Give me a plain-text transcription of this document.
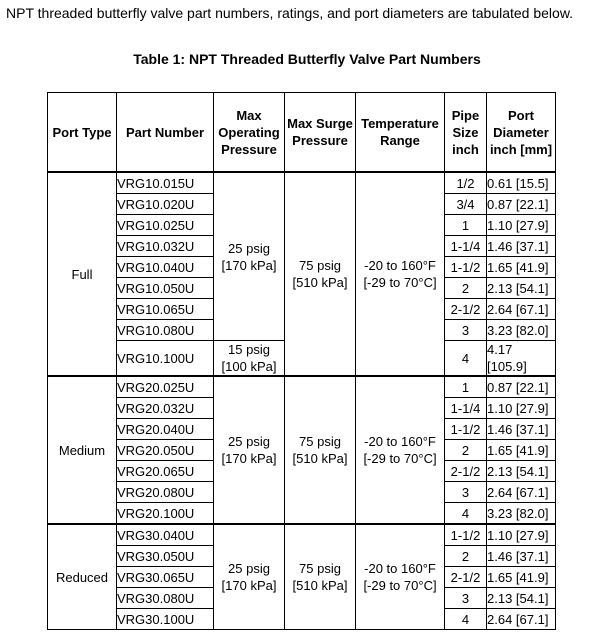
NPT threaded butterfly valve part numbers, ratings, and port diameters are tabulated below.
Table 1: NPT Threaded Butterfly Valve Part Numbers
Port Type	Part Number	Max Operating Pressure	Max Surge Pressure	Temperature Range	Pipe Size inch	Port Diameter inch [mm]
Full	VRG10.015U	25 psig [170 kPa]	75 psig [510 kPa]	-20 to 160°F [-29 to 70°C]	1/2	0.61 [15.5]
	VRG10.020U				3/4	0.87 [22.1]
	VRG10.025U				1	1.10 [27.9]
	VRG10.032U				1-1/4	1.46 [37.1]
	VRG10.040U				1-1/2	1.65 [41.9]
	VRG10.050U				2	2.13 [54.1]
	VRG10.065U				2-1/2	2.64 [67.1]
	VRG10.080U				3	3.23 [82.0]
	VRG10.100U	15 psig [100 kPa]			4	4.17 [105.9]
Medium	VRG20.025U	25 psig [170 kPa]	75 psig [510 kPa]	-20 to 160°F [-29 to 70°C]	1	0.87 [22.1]
	VRG20.032U				1-1/4	1.10 [27.9]
	VRG20.040U				1-1/2	1.46 [37.1]
	VRG20.050U				2	1.65 [41.9]
	VRG20.065U				2-1/2	2.13 [54.1]
	VRG20.080U				3	2.64 [67.1]
	VRG20.100U				4	3.23 [82.0]
Reduced	VRG30.040U	25 psig [170 kPa]	75 psig [510 kPa]	-20 to 160°F [-29 to 70°C]	1-1/2	1.10 [27.9]
	VRG30.050U				2	1.46 [37.1]
	VRG30.065U				2-1/2	1.65 [41.9]
	VRG30.080U				3	2.13 [54.1]
	VRG30.100U				4	2.64 [67.1]
